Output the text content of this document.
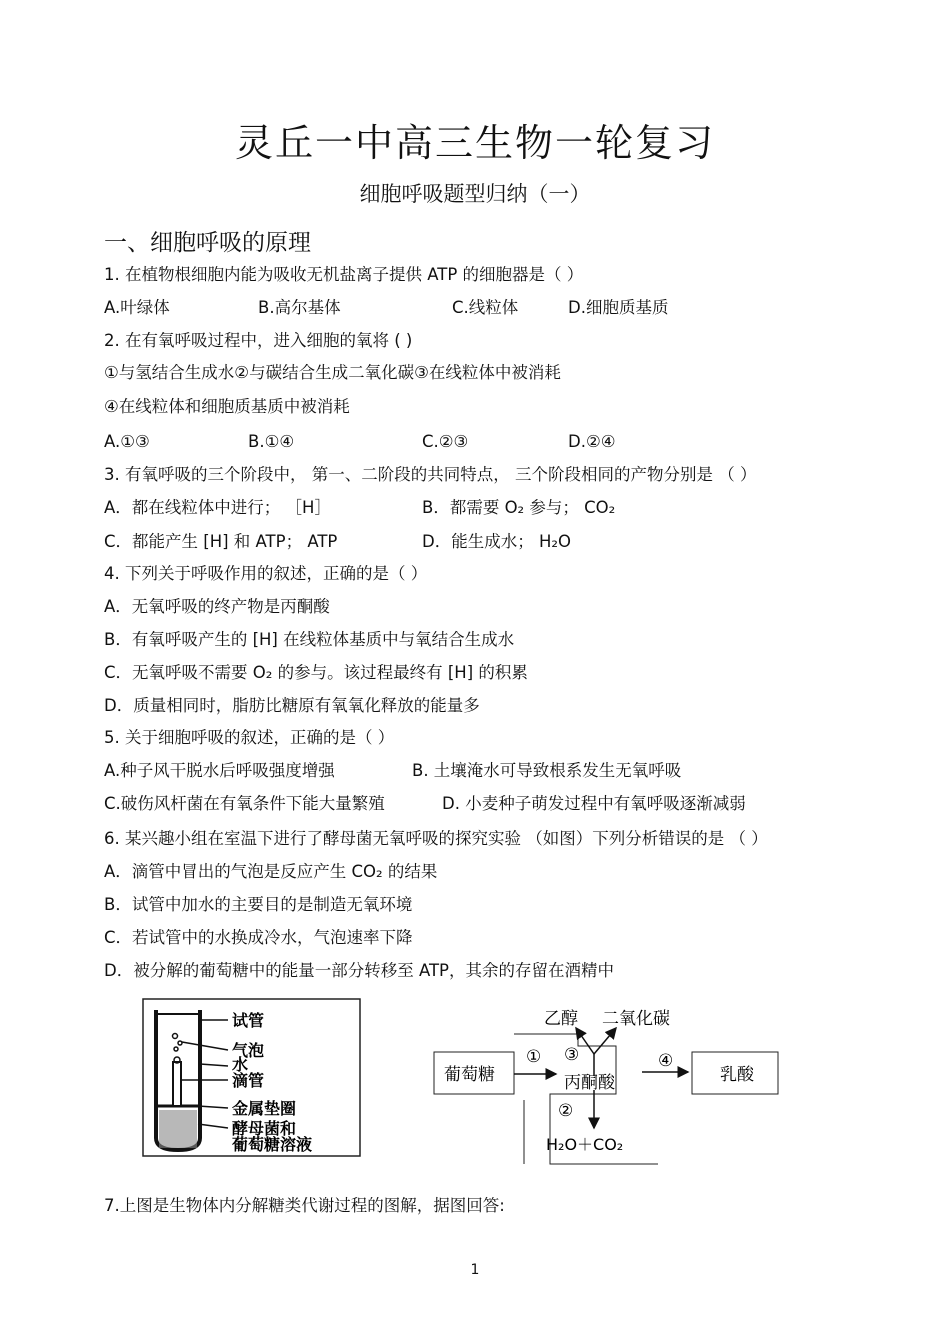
灵丘一中高三生物一轮复习
细胞呼吸题型归纳（一）
一、细胞呼吸的原理
1. 在植物根细胞内能为吸收无机盐离子提供 ATP 的细胞器是（ ）
A.叶绿体	B.高尔基体	C.线粒体	D.细胞质基质
2. 在有氧呼吸过程中，进入细胞的氧将 ( )
①与氢结合生成水②与碳结合生成二氧化碳③在线粒体中被消耗
④在线粒体和细胞质基质中被消耗
A.①③	B.①④	C.②③	D.②④
3. 有氧呼吸的三个阶段中， 第一、二阶段的共同特点， 三个阶段相同的产物分别是 （ ）
A．都在线粒体中进行； ［H］	B．都需要 O₂ 参与； CO₂
C．都能产生 [H] 和 ATP； ATP	D．能生成水； H₂O
4. 下列关于呼吸作用的叙述，正确的是（ ）
A．无氧呼吸的终产物是丙酮酸
B．有氧呼吸产生的 [H] 在线粒体基质中与氧结合生成水
C．无氧呼吸不需要 O₂ 的参与。该过程最终有 [H] 的积累
D．质量相同时，脂肪比糖原有氧氧化释放的能量多
5. 关于细胞呼吸的叙述，正确的是（ ）
A.种子风干脱水后呼吸强度增强	B. 土壤淹水可导致根系发生无氧呼吸
C.破伤风杆菌在有氧条件下能大量繁殖	D. 小麦种子萌发过程中有氧呼吸逐渐减弱
6. 某兴趣小组在室温下进行了酵母菌无氧呼吸的探究实验 （如图）下列分析错误的是 （ ）
A．滴管中冒出的气泡是反应产生 CO₂ 的结果
B．试管中加水的主要目的是制造无氧环境
C．若试管中的水换成冷水，气泡速率下降
D．被分解的葡萄糖中的能量一部分转移至 ATP，其余的存留在酒精中
试管
气泡
水
滴管
金属垫圈
酵母菌和
葡萄糖溶液
葡萄糖	丙酮酸
乙醇 二氧化碳
乳酸
H₂O＋CO₂
① ③	④
②
7.上图是生物体内分解糖类代谢过程的图解，据图回答:
1
